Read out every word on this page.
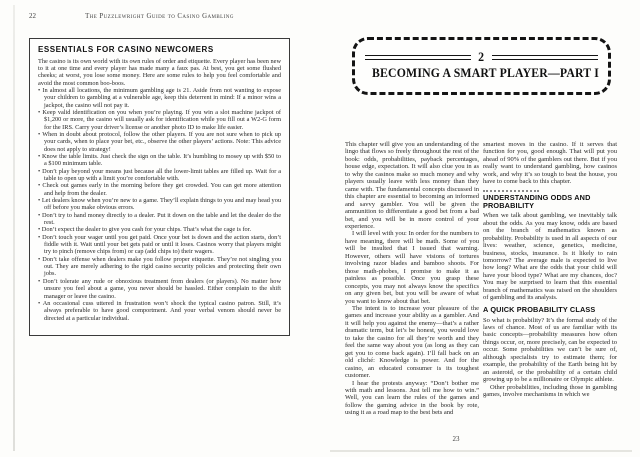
22	The Puzzlewright Guide to Casino Gambling
ESSENTIALS FOR CASINO NEWCOMERS

The casino is its own world with its own rules of order and etiquette. Every player has been new to it at one time and every player has made many a faux pas. At best, you get some flushed cheeks; at worst, you lose some money. Here are some rules to help you feel comfortable and avoid the most common boo-boos.

• In almost all locations, the minimum gambling age is 21. Aside from not wanting to expose your children to gambling at a vulnerable age, keep this deterrent in mind: If a minor wins a jackpot, the casino will not pay it.
• Keep valid identification on you when you’re playing. If you win a slot machine jackpot of $1,200 or more, the casino will usually ask for identification while you fill out a W2-G form for the IRS. Carry your driver’s license or another photo ID to make life easier.
• When in doubt about protocol, follow the other players. If you are not sure when to pick up your cards, when to place your bet, etc., observe the other players’ actions. Note: This advice does not apply to strategy!
• Know the table limits. Just check the sign on the table. It’s humbling to mosey up with $50 to a $100 minimum table.
• Don’t play beyond your means just because all the lower-limit tables are filled up. Wait for a table to open up with a limit you’re comfortable with.
• Check out games early in the morning before they get crowded. You can get more attention and help from the dealer.
• Let dealers know when you’re new to a game. They’ll explain things to you and may head you off before you make obvious errors.
• Don’t try to hand money directly to a dealer. Put it down on the table and let the dealer do the rest.
• Don’t expect the dealer to give you cash for your chips. That’s what the cage is for.
• Don’t touch your wager until you get paid. Once your bet is down and the action starts, don’t fiddle with it. Wait until your bet gets paid or until it loses. Casinos worry that players might try to pinch (remove chips from) or cap (add chips to) their wagers.
• Don’t take offense when dealers make you follow proper etiquette. They’re not singling you out. They are merely adhering to the rigid casino security policies and protecting their own jobs.
• Don’t tolerate any rude or obnoxious treatment from dealers (or players). No matter how unsure you feel about a game, you never should be hassled. Either complain to the shift manager or leave the casino.
• An occasional cuss uttered in frustration won’t shock the typical casino patron. Still, it’s always preferable to have good comportment. And your verbal venom should never be directed at a particular individual.
2
BECOMING A SMART PLAYER—PART I

This chapter will give you an understanding of the lingo that flows so freely throughout the rest of the book: odds, probabilities, payback percentages, house edge, expectation. It will also clue you in as to why the casinos make so much money and why players usually leave with less money than they came with. The fundamental concepts discussed in this chapter are essential to becoming an informed and savvy gambler. You will be given the ammunition to differentiate a good bet from a bad bet, and you will be in more control of your experience.

I will level with you: In order for the numbers to have meaning, there will be math. Some of you will be insulted that I issued that warning. However, others will have visions of tortures involving razor blades and bamboo shoots. For those math-phobes, I promise to make it as painless as possible. Once you grasp these concepts, you may not always know the specifics on any given bet, but you will be aware of what you want to know about that bet.

The intent is to increase your pleasure of the games and increase your ability as a gambler. And it will help you against the enemy—that’s a rather dramatic term, but let’s be honest, you would love to take the casino for all they’re worth and they feel the same way about you (as long as they can get you to come back again). I’ll fall back on an old cliché: Knowledge is power. And for the casino, an educated consumer is its toughest customer.

I hear the protests anyway: “Don’t bother me with math and lessons. Just tell me how to win.” Well, you can learn the rules of the games and follow the gaming advice in the book by rote, using it as a road map to the best bets and

smartest moves in the casino. If it serves that function for you, good enough. That will put you ahead of 90% of the gamblers out there. But if you really want to understand gambling, how casinos work, and why it’s so tough to beat the house, you have to come back to this chapter.

UNDERSTANDING ODDS AND PROBABILITY

When we talk about gambling, we inevitably talk about the odds. As you may know, odds are based on the branch of mathematics known as probability. Probability is used in all aspects of our lives: weather, science, genetics, medicine, business, stocks, insurance. Is it likely to rain tomorrow? The average male is expected to live how long? What are the odds that your child will have your blood type? What are my chances, doc? You may be surprised to learn that this essential branch of mathematics was raised on the shoulders of gambling and its analysis.

A QUICK PROBABILITY CLASS

So what is probability? It’s the formal study of the laws of chance. Most of us are familiar with its basic concepts—probability measures how often things occur, or, more precisely, can be expected to occur. Some probabilities we can’t be sure of, although specialists try to estimate them; for example, the probability of the Earth being hit by an asteroid, or the probability of a certain child growing up to be a millionaire or Olympic athlete.

Other probabilities, including those in gambling games, involve mechanisms in which we

23
